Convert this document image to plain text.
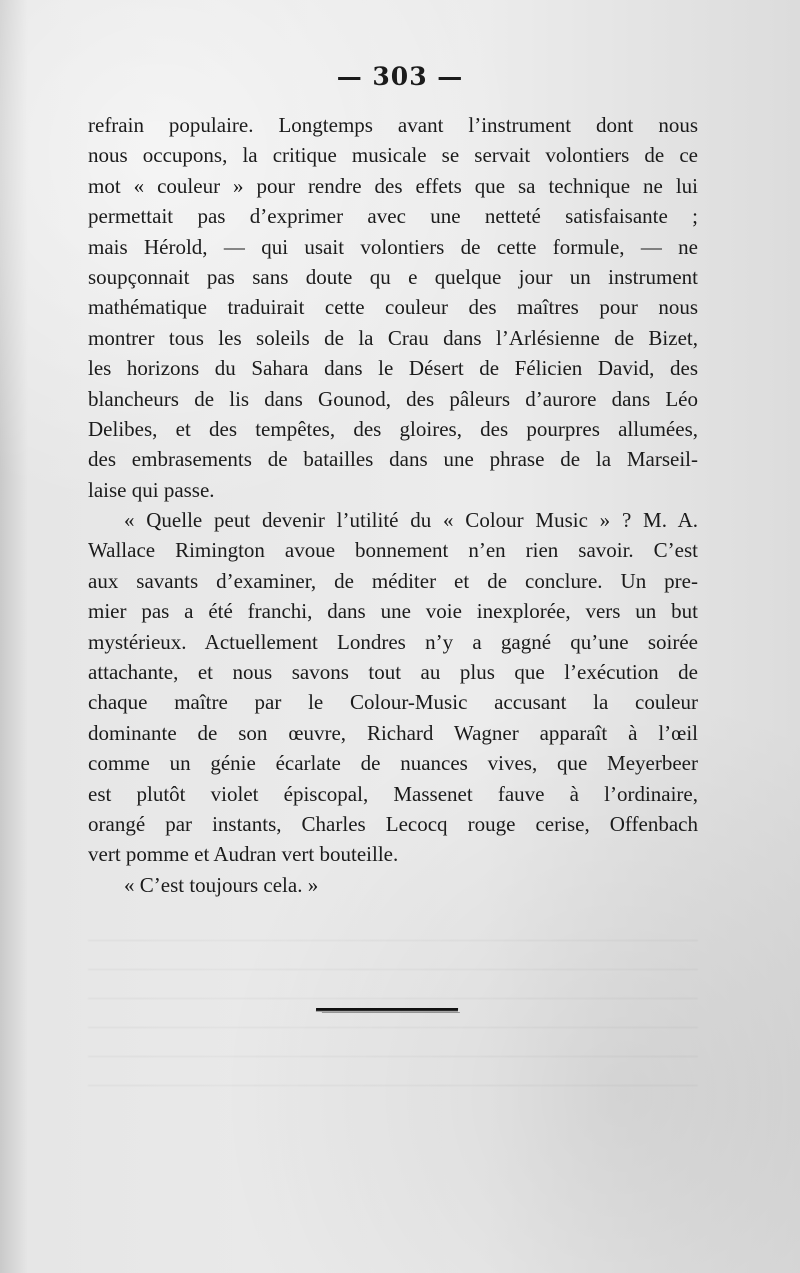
— 303 —
refrain populaire. Longtemps avant l’instrument dont nous
nous occupons, la critique musicale se servait volontiers de ce
mot « couleur » pour rendre des effets que sa technique ne lui
permettait pas d’exprimer avec une netteté satisfaisante ;
mais Hérold, — qui usait volontiers de cette formule, — ne
soupçonnait pas sans doute qu e quelque jour un instrument
mathématique traduirait cette couleur des maîtres pour nous
montrer tous les soleils de la Crau dans l’Arlésienne de Bizet,
les horizons du Sahara dans le Désert de Félicien David, des
blancheurs de lis dans Gounod, des pâleurs d’aurore dans Léo
Delibes, et des tempêtes, des gloires, des pourpres allumées,
des embrasements de batailles dans une phrase de la Marseil-
laise qui passe.
« Quelle peut devenir l’utilité du « Colour Music » ? M. A.
Wallace Rimington avoue bonnement n’en rien savoir. C’est
aux savants d’examiner, de méditer et de conclure. Un pre-
mier pas a été franchi, dans une voie inexplorée, vers un but
mystérieux. Actuellement Londres n’y a gagné qu’une soirée
attachante, et nous savons tout au plus que l’exécution de
chaque maître par le Colour-Music accusant la couleur
dominante de son œuvre, Richard Wagner apparaît à l’œil
comme un génie écarlate de nuances vives, que Meyerbeer
est plutôt violet épiscopal, Massenet fauve à l’ordinaire,
orangé par instants, Charles Lecocq rouge cerise, Offenbach
vert pomme et Audran vert bouteille.
« C’est toujours cela. »
